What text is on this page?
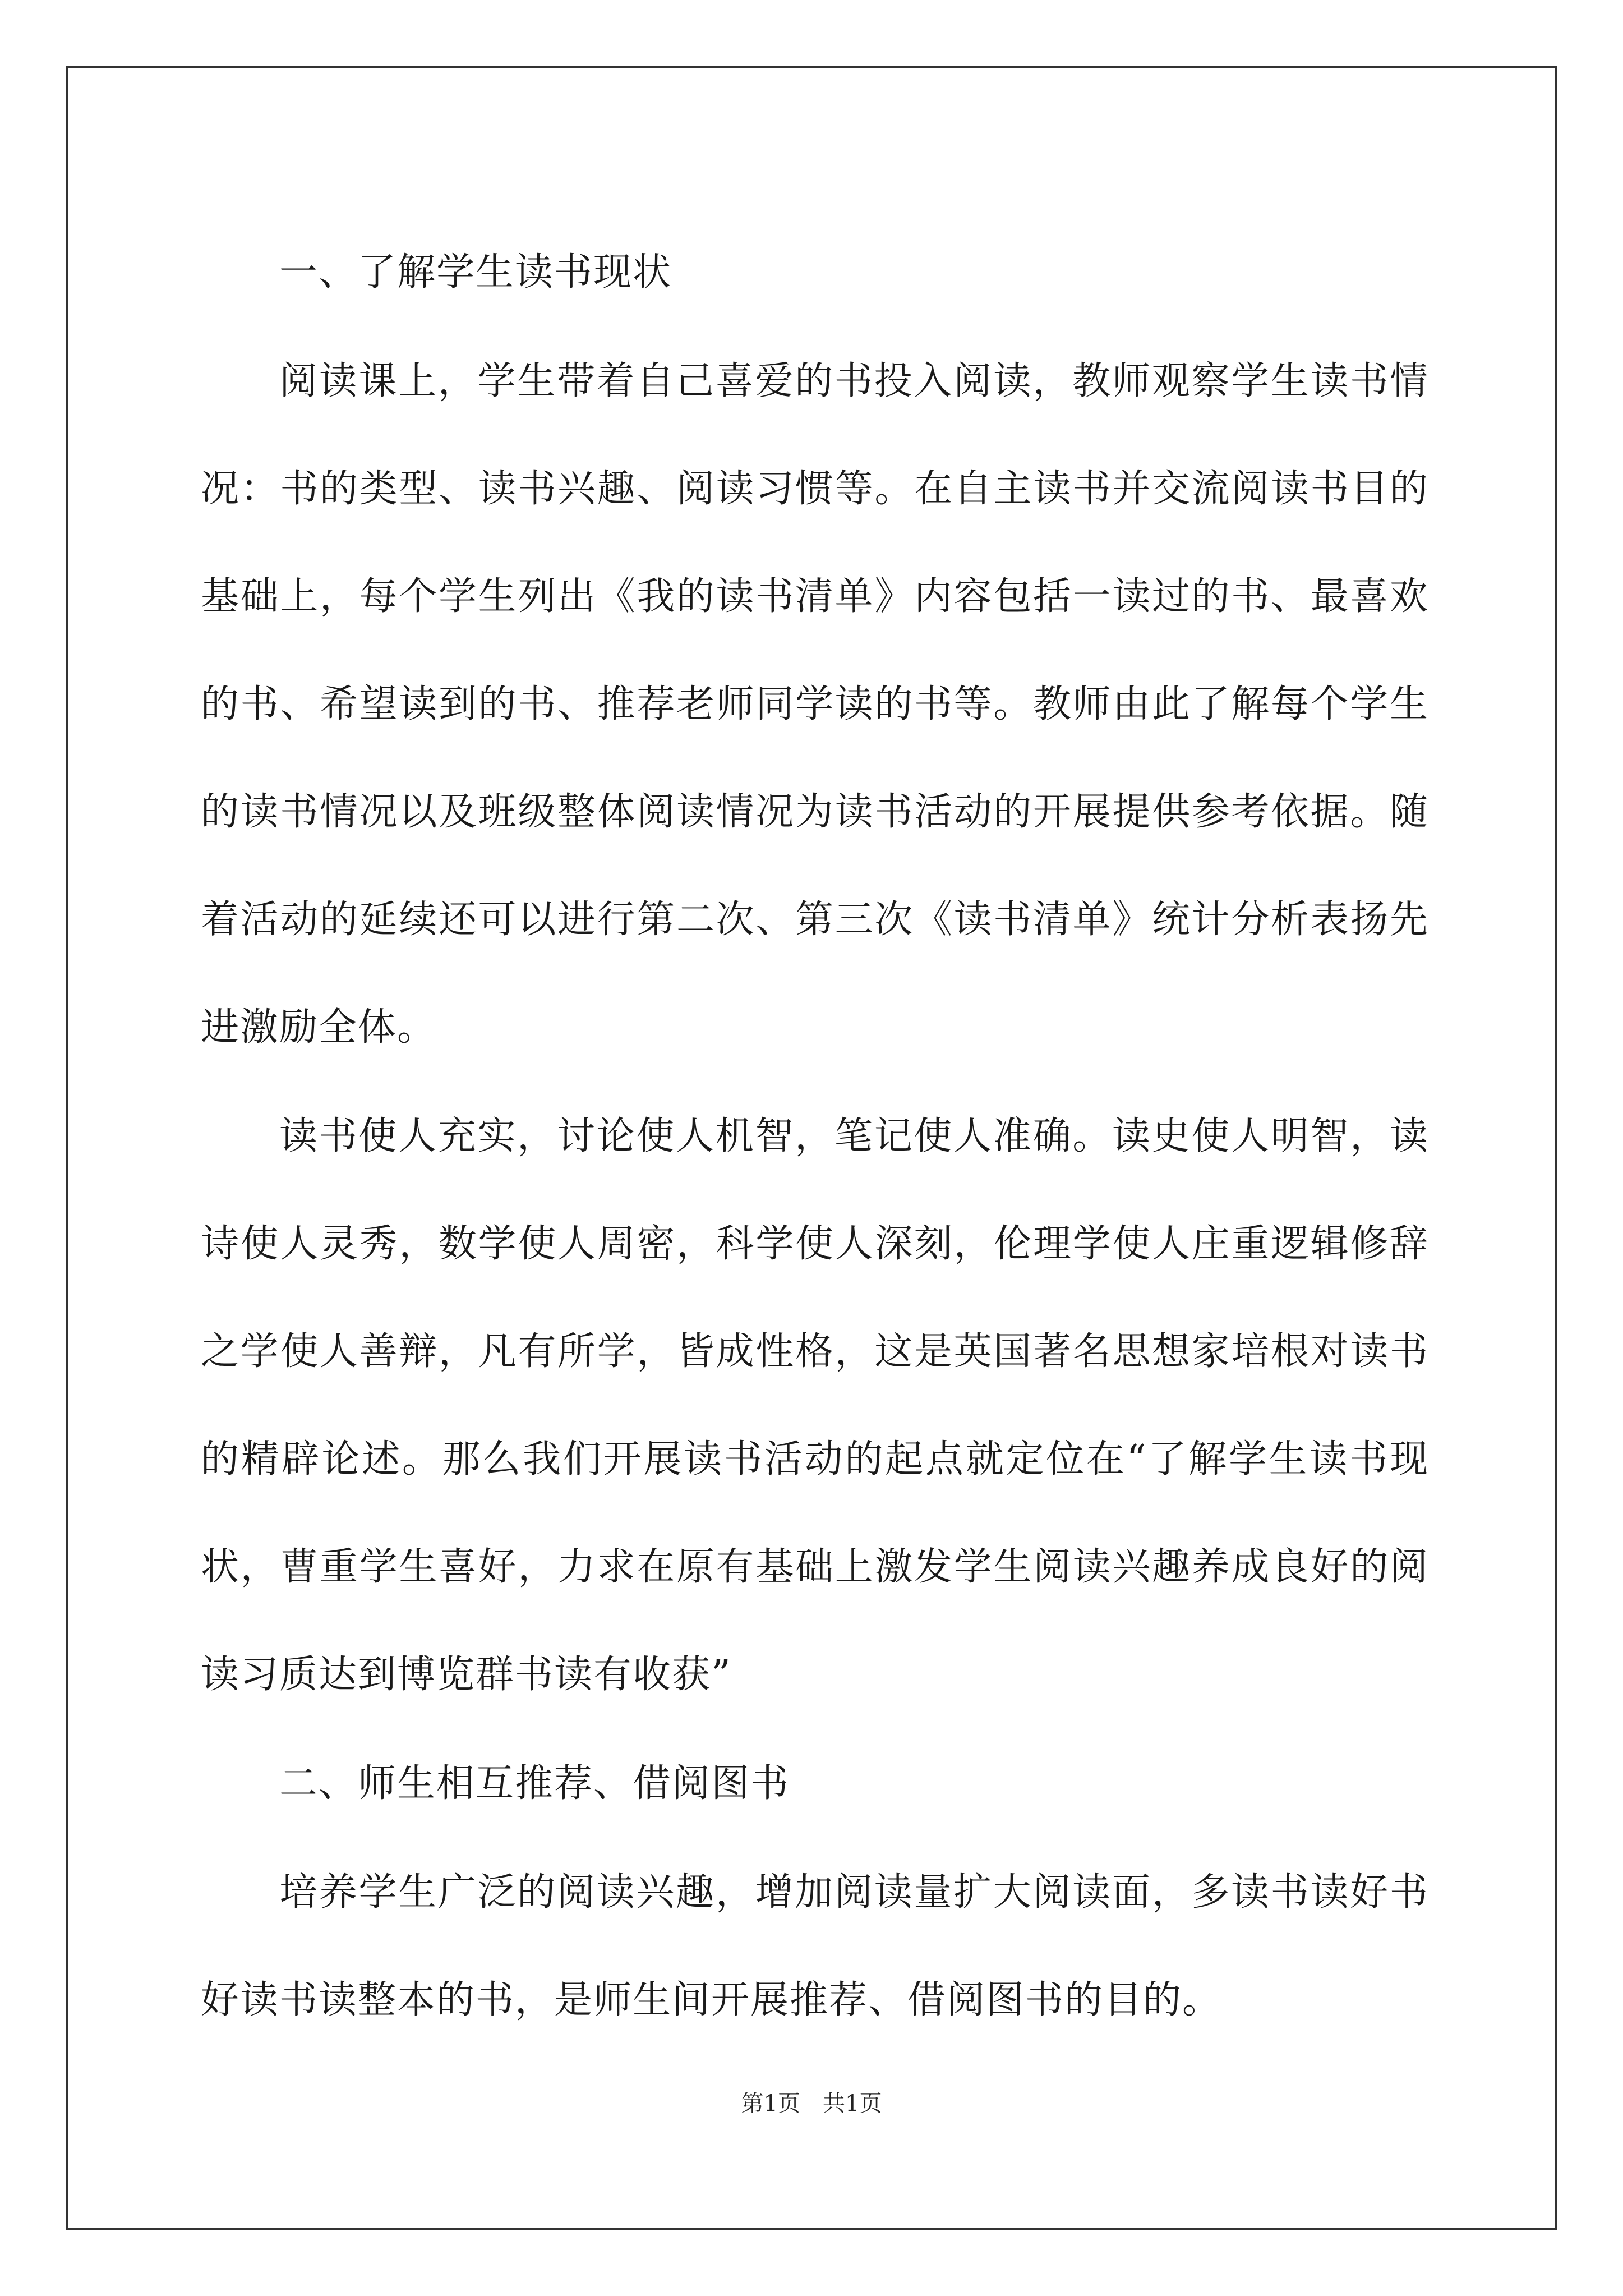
一、了解学生读书现状

阅读课上，学生带着自己喜爱的书投入阅读，教师观察学生读书情况：书的类型、读书兴趣、阅读习惯等。在自主读书并交流阅读书目的基础上，每个学生列出《我的读书清单》内容包括一读过的书、最喜欢的书、希望读到的书、推荐老师同学读的书等。教师由此了解每个学生的读书情况以及班级整体阅读情况为读书活动的开展提供参考依据。随着活动的延续还可以进行第二次、第三次《读书清单》统计分析表扬先进激励全体。

读书使人充实，讨论使人机智，笔记使人准确。读史使人明智，读诗使人灵秀，数学使人周密，科学使人深刻，伦理学使人庄重逻辑修辞之学使人善辩，凡有所学，皆成性格，这是英国著名思想家培根对读书的精辟论述。那么我们开展读书活动的起点就定位在“了解学生读书现状，曹重学生喜好，力求在原有基础上激发学生阅读兴趣养成良好的阅读习质达到博览群书读有收获”

二、师生相互推荐、借阅图书

培养学生广泛的阅读兴趣，增加阅读量扩大阅读面，多读书读好书好读书读整本的书，是师生间开展推荐、借阅图书的目的。

第1页　共1页
